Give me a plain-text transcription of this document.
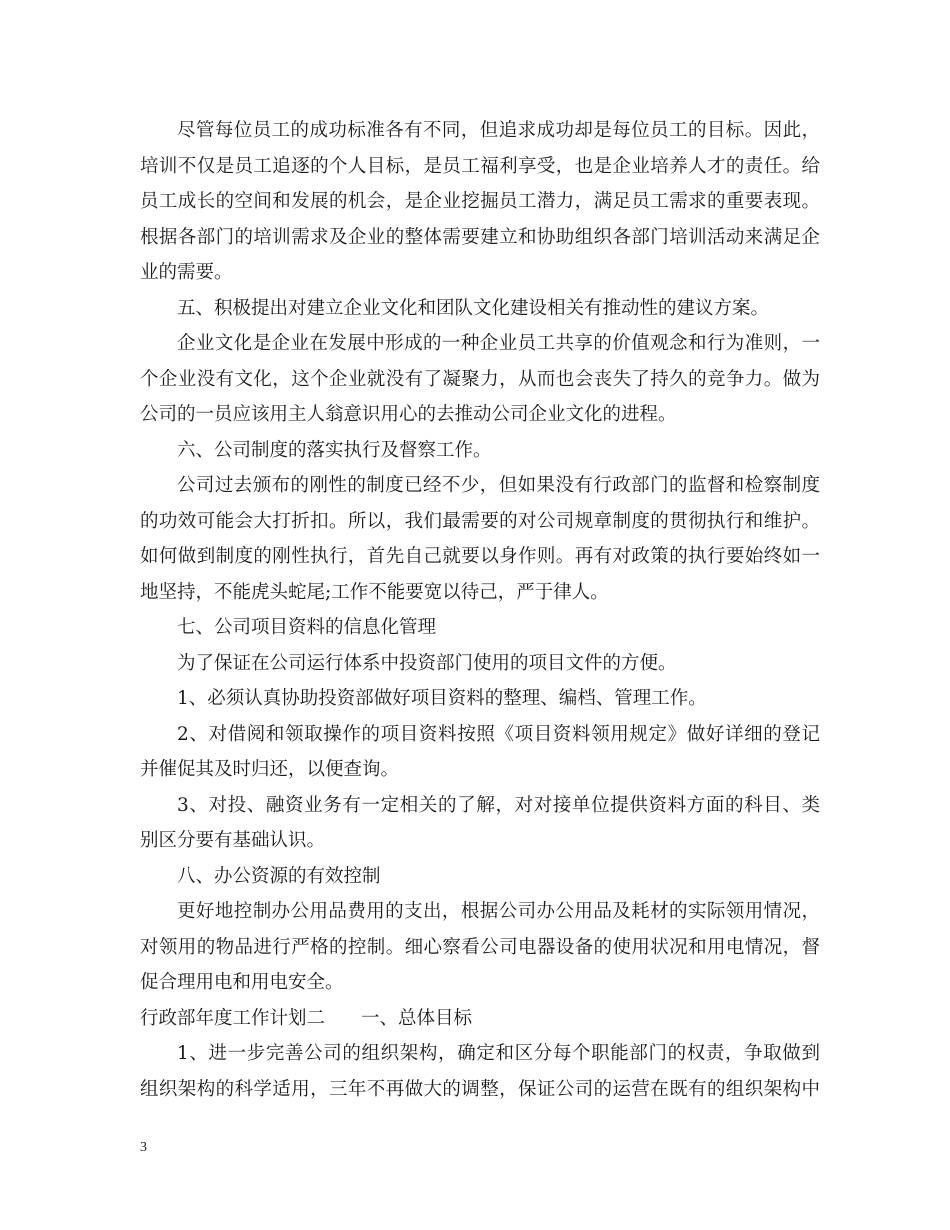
尽管每位员工的成功标准各有不同，但追求成功却是每位员工的目标。因此，
培训不仅是员工追逐的个人目标，是员工福利享受，也是企业培养人才的责任。给
员工成长的空间和发展的机会，是企业挖掘员工潜力，满足员工需求的重要表现。
根据各部门的培训需求及企业的整体需要建立和协助组织各部门培训活动来满足企
业的需要。
五、积极提出对建立企业文化和团队文化建设相关有推动性的建议方案。
企业文化是企业在发展中形成的一种企业员工共享的价值观念和行为准则，一
个企业没有文化，这个企业就没有了凝聚力，从而也会丧失了持久的竞争力。做为
公司的一员应该用主人翁意识用心的去推动公司企业文化的进程。
六、公司制度的落实执行及督察工作。
公司过去颁布的刚性的制度已经不少，但如果没有行政部门的监督和检察制度
的功效可能会大打折扣。所以，我们最需要的对公司规章制度的贯彻执行和维护。
如何做到制度的刚性执行，首先自己就要以身作则。再有对政策的执行要始终如一
地坚持，不能虎头蛇尾;工作不能要宽以待己，严于律人。
七、公司项目资料的信息化管理
为了保证在公司运行体系中投资部门使用的项目文件的方便。
1、必须认真协助投资部做好项目资料的整理、编档、管理工作。
2、对借阅和领取操作的项目资料按照《项目资料领用规定》做好详细的登记
并催促其及时归还，以便查询。
3、对投、融资业务有一定相关的了解，对对接单位提供资料方面的科目、类
别区分要有基础认识。
八、办公资源的有效控制
更好地控制办公用品费用的支出，根据公司办公用品及耗材的实际领用情况，
对领用的物品进行严格的控制。细心察看公司电器设备的使用状况和用电情况，督
促合理用电和用电安全。
行政部年度工作计划二 一、总体目标
1、进一步完善公司的组织架构，确定和区分每个职能部门的权责，争取做到
组织架构的科学适用，三年不再做大的调整，保证公司的运营在既有的组织架构中
3
